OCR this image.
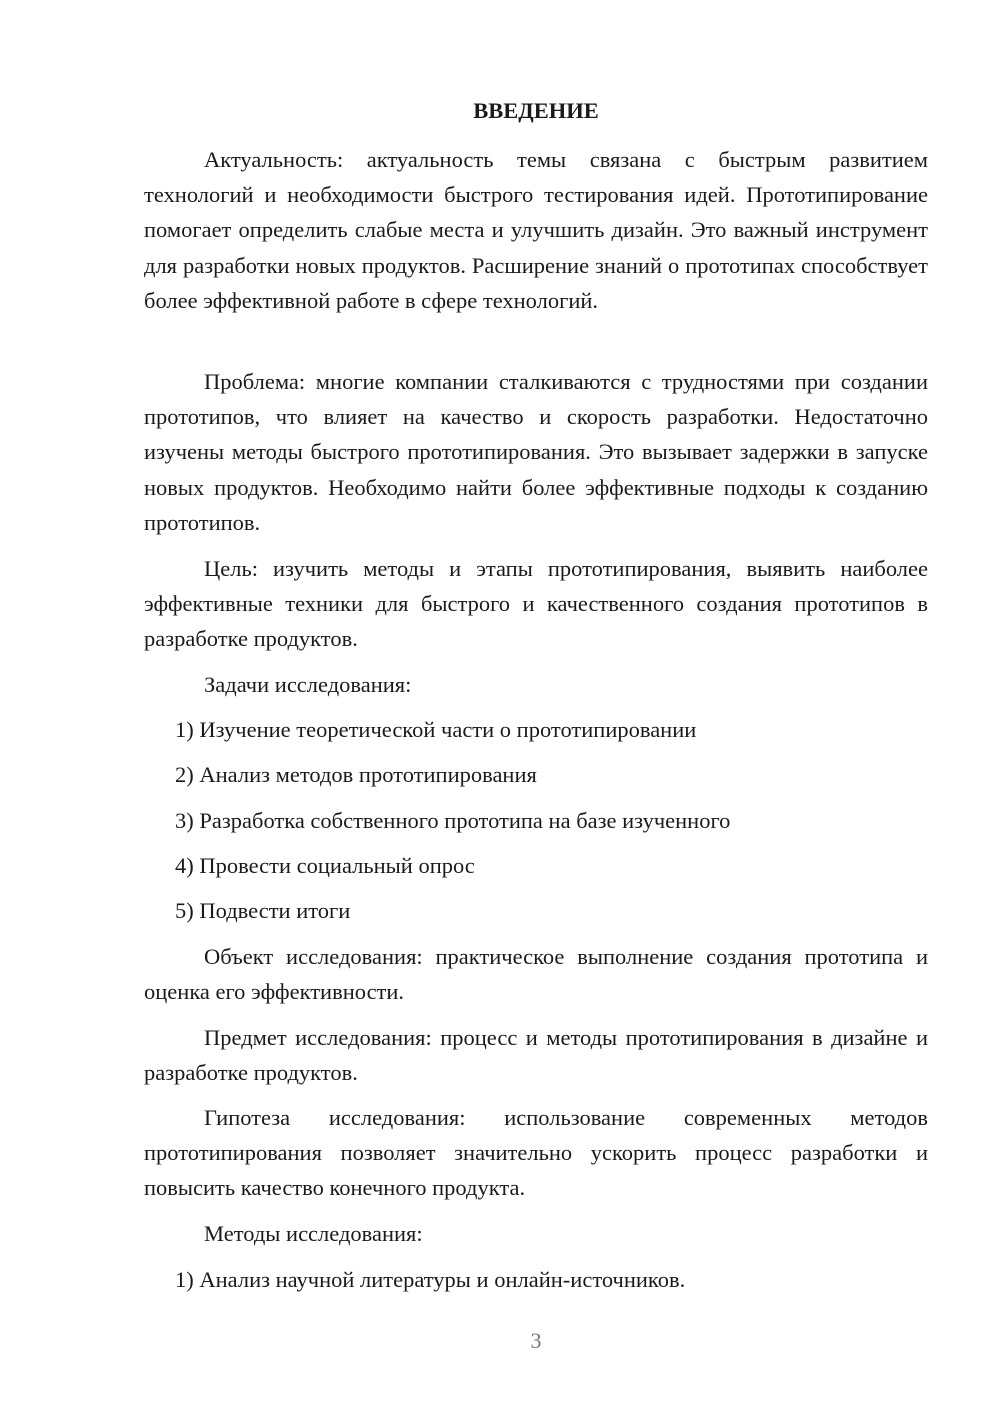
ВВЕДЕНИЕ

Актуальность: актуальность темы связана с быстрым развитием технологий и необходимости быстрого тестирования идей. Прототипирование помогает определить слабые места и улучшить дизайн. Это важный инструмент для разработки новых продуктов. Расширение знаний о прототипах способствует более эффективной работе в сфере технологий.

Проблема: многие компании сталкиваются с трудностями при создании прототипов, что влияет на качество и скорость разработки. Недостаточно изучены методы быстрого прототипирования. Это вызывает задержки в запуске новых продуктов. Необходимо найти более эффективные подходы к созданию прототипов.

Цель: изучить методы и этапы прототипирования, выявить наиболее эффективные техники для быстрого и качественного создания прототипов в разработке продуктов.

Задачи исследования:

1) Изучение теоретической части о прототипировании
2) Анализ методов прототипирования
3) Разработка собственного прототипа на базе изученного
4) Провести социальный опрос
5) Подвести итоги

Объект исследования: практическое выполнение создания прототипа и оценка его эффективности.

Предмет исследования: процесс и методы прототипирования в дизайне и разработке продуктов.

Гипотеза исследования: использование современных методов прототипирования позволяет значительно ускорить процесс разработки и повысить качество конечного продукта.

Методы исследования:

1) Анализ научной литературы и онлайн-источников.
3
